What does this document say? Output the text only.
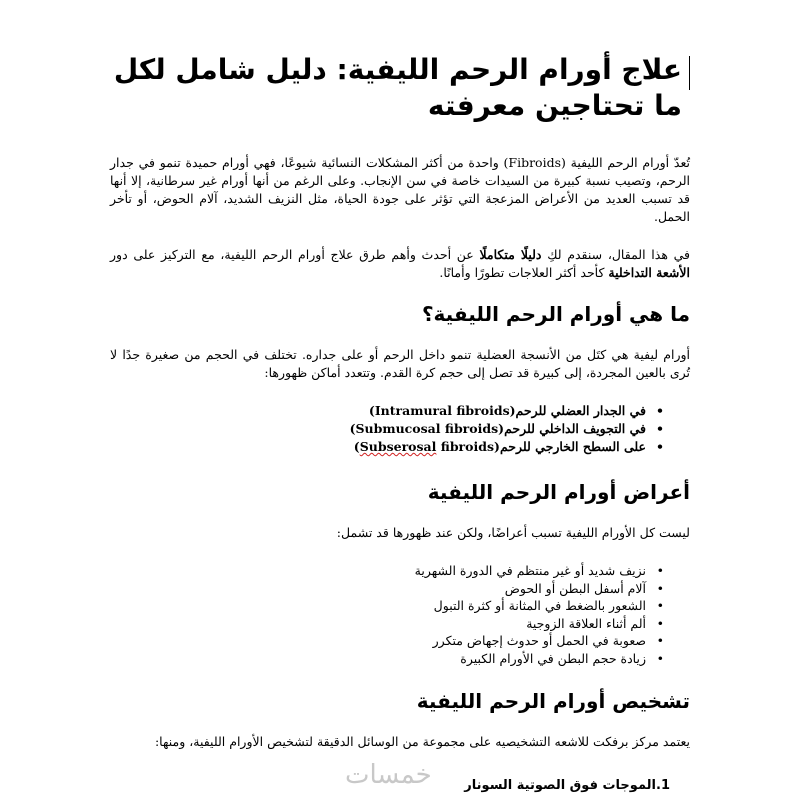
علاج أورام الرحم الليفية: دليل شامل لكل ما تحتاجين معرفته

تُعدّ أورام الرحم الليفية (Fibroids) واحدة من أكثر المشكلات النسائية شيوعًا، فهي أورام حميدة تنمو في جدار الرحم، وتصيب نسبة كبيرة من السيدات خاصة في سن الإنجاب. وعلى الرغم من أنها أورام غير سرطانية، إلا أنها قد تسبب العديد من الأعراض المزعجة التي تؤثر على جودة الحياة، مثل النزيف الشديد، آلام الحوض، أو تأخر الحمل.

في هذا المقال، سنقدم لكِ دليلًا متكاملًا عن أحدث وأهم طرق علاج أورام الرحم الليفية، مع التركيز على دور الأشعة التداخلية كأحد أكثر العلاجات تطورًا وأمانًا.

ما هي أورام الرحم الليفية؟

أورام ليفية هي كتَل من الأنسجة العضلية تنمو داخل الرحم أو على جداره. تختلف في الحجم من صغيرة جدًا لا تُرى بالعين المجردة، إلى كبيرة قد تصل إلى حجم كرة القدم. وتتعدد أماكن ظهورها:

• في الجدار العضلي للرحم(Intramural fibroids)
• في التجويف الداخلي للرحم(Submucosal fibroids)
• على السطح الخارجي للرحم(Subserosal fibroids)
أعراض أورام الرحم الليفية

ليست كل الأورام الليفية تسبب أعراضًا، ولكن عند ظهورها قد تشمل:

• نزيف شديد أو غير منتظم في الدورة الشهرية
• آلام أسفل البطن أو الحوض
• الشعور بالضغط في المثانة أو كثرة التبول
• ألم أثناء العلاقة الزوجية
• صعوبة في الحمل أو حدوث إجهاض متكرر
• زيادة حجم البطن في الأورام الكبيرة
تشخيص أورام الرحم الليفية

يعتمد مركز برفكت للاشعه التشخيصيه على مجموعة من الوسائل الدقيقة لتشخيص الأورام الليفية، ومنها:

1.الموجات فوق الصوتية السونار
خمسات
